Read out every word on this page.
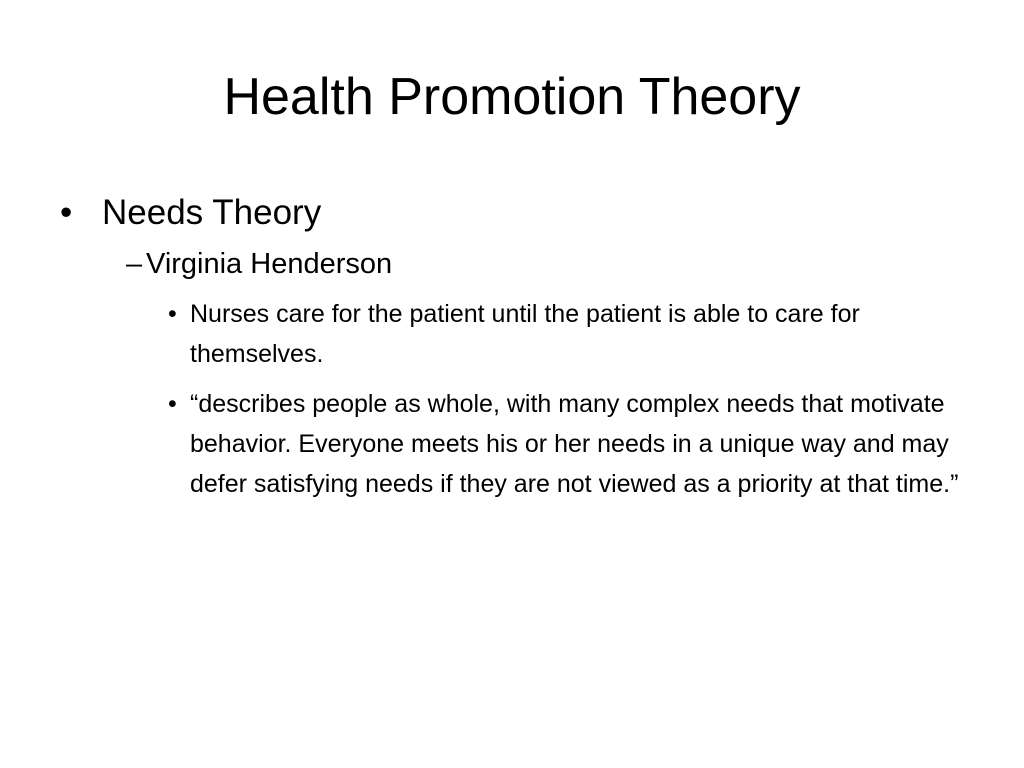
Health Promotion Theory
• Needs Theory
– Virginia Henderson
• Nurses care for the patient until the patient is able to care for themselves.
• “describes people as whole, with many complex needs that motivate behavior. Everyone meets his or her needs in a unique way and may defer satisfying needs if they are not viewed as a priority at that time.”
